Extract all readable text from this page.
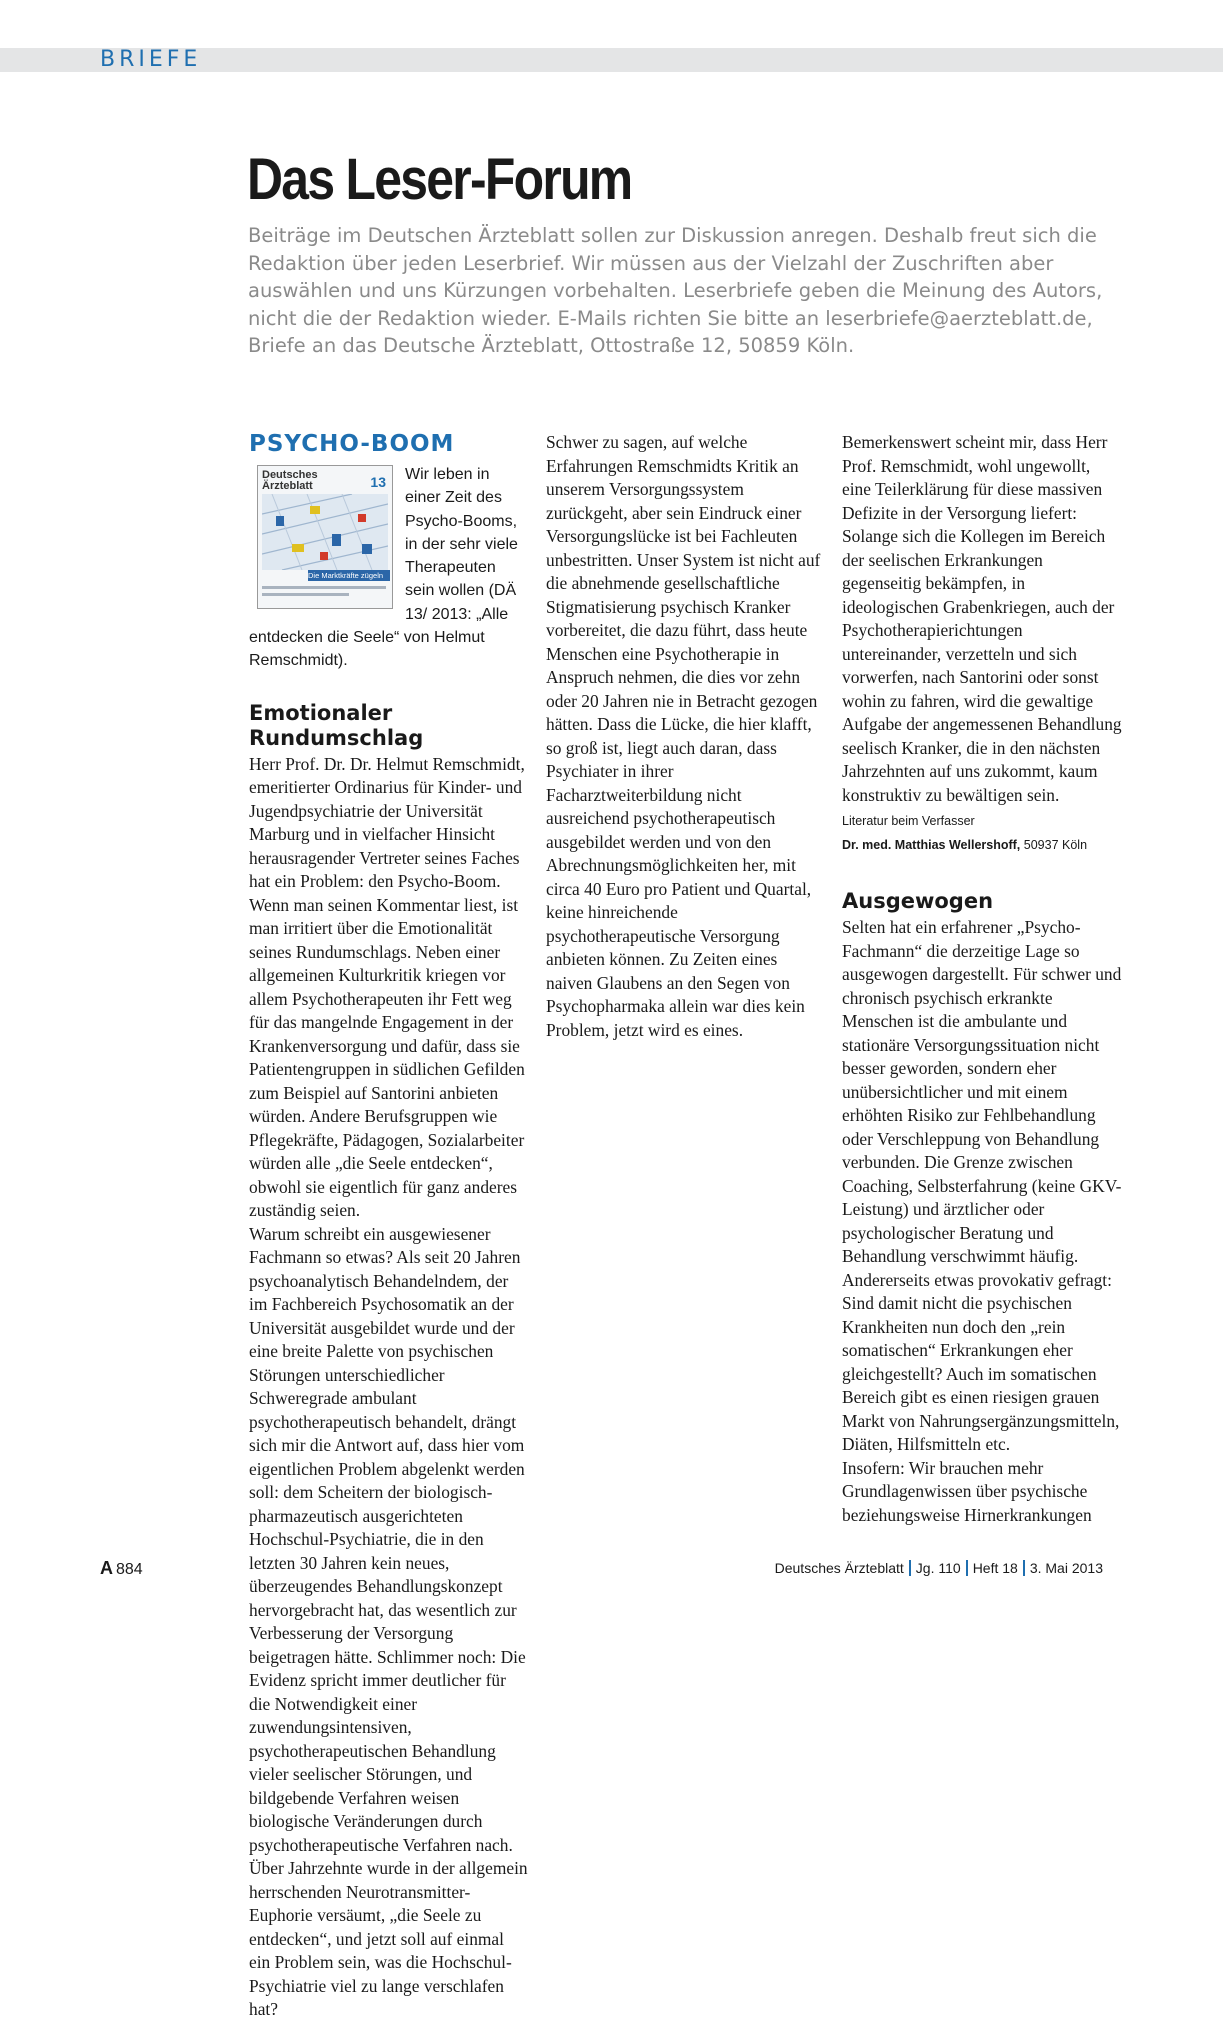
BRIEFE
Das Leser-Forum

Beiträge im Deutschen Ärzteblatt sollen zur Diskussion anregen. Deshalb freut sich die Redaktion über jeden Leserbrief. Wir müssen aus der Vielzahl der Zuschriften aber auswählen und uns Kürzungen vorbehalten. Leserbriefe geben die Meinung des Autors, nicht die der Redaktion wieder. E-Mails richten Sie bitte an leserbriefe@aerzteblatt.de, Briefe an das Deutsche Ärzteblatt, Ottostraße 12, 50859 Köln.

PSYCHO-BOOM
Deutsches
Ärzteblatt	13
Die Marktkräfte zügeln
Wir leben in einer Zeit des Psycho-Booms, in der sehr viele Therapeuten sein wollen (DÄ 13/ 2013: „Alle entdecken die Seele“ von Helmut Remschmidt).
Emotionaler Rundumschlag

Herr Prof. Dr. Dr. Helmut Remschmidt, emeritierter Ordinarius für Kinder- und Jugendpsychiatrie der Universität Marburg und in vielfacher Hinsicht herausragender Vertreter seines Faches hat ein Problem: den Psycho-Boom. Wenn man seinen Kommentar liest, ist man irritiert über die Emotionalität seines Rundumschlags. Neben einer allgemeinen Kulturkritik kriegen vor allem Psychotherapeuten ihr Fett weg für das mangelnde Engagement in der Krankenversorgung und dafür, dass sie Patientengruppen in südlichen Gefilden zum Beispiel auf Santorini anbieten würden. Andere Berufsgruppen wie Pflegekräfte, Pädagogen, Sozialarbeiter würden alle „die Seele entdecken“, obwohl sie eigentlich für ganz anderes zuständig seien.

Warum schreibt ein ausgewiesener Fachmann so etwas? Als seit 20 Jahren psychoanalytisch Behandelndem, der im Fachbereich Psychosomatik an der Universität ausgebildet wurde und der eine breite Palette von psychischen Störungen unterschiedlicher Schweregrade ambulant psychotherapeutisch behandelt, drängt sich mir die Antwort auf, dass hier vom eigentlichen Problem abgelenkt werden soll: dem Scheitern der biologisch-pharmazeutisch ausgerichteten Hochschul-Psychiatrie, die in den letzten 30 Jahren kein neues, überzeugendes Behandlungskonzept hervorgebracht hat, das wesentlich zur Verbesserung der Versorgung beigetragen hätte. Schlimmer noch: Die Evidenz spricht immer deutlicher für die Notwendigkeit einer zuwendungsintensiven, psychotherapeutischen Behandlung vieler seelischer Störungen, und bildgebende Verfahren weisen biologische Veränderungen durch psychotherapeutische Verfahren nach. Über Jahrzehnte wurde in der allgemein herrschenden Neurotransmitter-Euphorie versäumt, „die Seele zu entdecken“, und jetzt soll auf einmal ein Problem sein, was die Hochschul-Psychiatrie viel zu lange verschlafen hat?

Schwer zu sagen, auf welche Erfahrungen Remschmidts Kritik an unserem Versorgungssystem zurückgeht, aber sein Eindruck einer Versorgungslücke ist bei Fachleuten unbestritten. Unser System ist nicht auf die abnehmende gesellschaftliche Stigmatisierung psychisch Kranker vorbereitet, die dazu führt, dass heute Menschen eine Psychotherapie in Anspruch nehmen, die dies vor zehn oder 20 Jahren nie in Betracht gezogen hätten. Dass die Lücke, die hier klafft, so groß ist, liegt auch daran, dass Psychiater in ihrer Facharztweiterbildung nicht ausreichend psychotherapeutisch ausgebildet werden und von den Abrechnungsmöglichkeiten her, mit circa 40 Euro pro Patient und Quartal, keine hinreichende psychotherapeutische Versorgung anbieten können. Zu Zeiten eines naiven Glaubens an den Segen von Psychopharmaka allein war dies kein Problem, jetzt wird es eines.

Bemerkenswert scheint mir, dass Herr Prof. Remschmidt, wohl ungewollt, eine Teilerklärung für diese massiven Defizite in der Versorgung liefert: Solange sich die Kollegen im Bereich der seelischen Erkrankungen gegenseitig bekämpfen, in ideologischen Grabenkriegen, auch der Psychotherapierichtungen untereinander, verzetteln und sich vorwerfen, nach Santorini oder sonst wohin zu fahren, wird die gewaltige Aufgabe der angemessenen Behandlung seelisch Kranker, die in den nächsten Jahrzehnten auf uns zukommt, kaum konstruktiv zu bewältigen sein.

Literatur beim Verfasser

Dr. med. Matthias Wellershoff, 50937 Köln

Ausgewogen

Selten hat ein erfahrener „Psycho-Fachmann“ die derzeitige Lage so ausgewogen dargestellt. Für schwer und chronisch psychisch erkrankte Menschen ist die ambulante und stationäre Versorgungssituation nicht besser geworden, sondern eher unübersichtlicher und mit einem erhöhten Risiko zur Fehlbehandlung oder Verschleppung von Behandlung verbunden. Die Grenze zwischen Coaching, Selbsterfahrung (keine GKV-Leistung) und ärztlicher oder psychologischer Beratung und Behandlung verschwimmt häufig. Andererseits etwas provokativ gefragt: Sind damit nicht die psychischen Krankheiten nun doch den „rein somatischen“ Erkrankungen eher gleichgestellt? Auch im somatischen Bereich gibt es einen riesigen grauen Markt von Nahrungsergänzungsmitteln, Diäten, Hilfsmitteln etc.

Insofern: Wir brauchen mehr Grundlagenwissen über psychische beziehungsweise Hirnerkrankungen

A 884	Deutsches Ärzteblatt Jg. 110 Heft 18 3. Mai 2013
